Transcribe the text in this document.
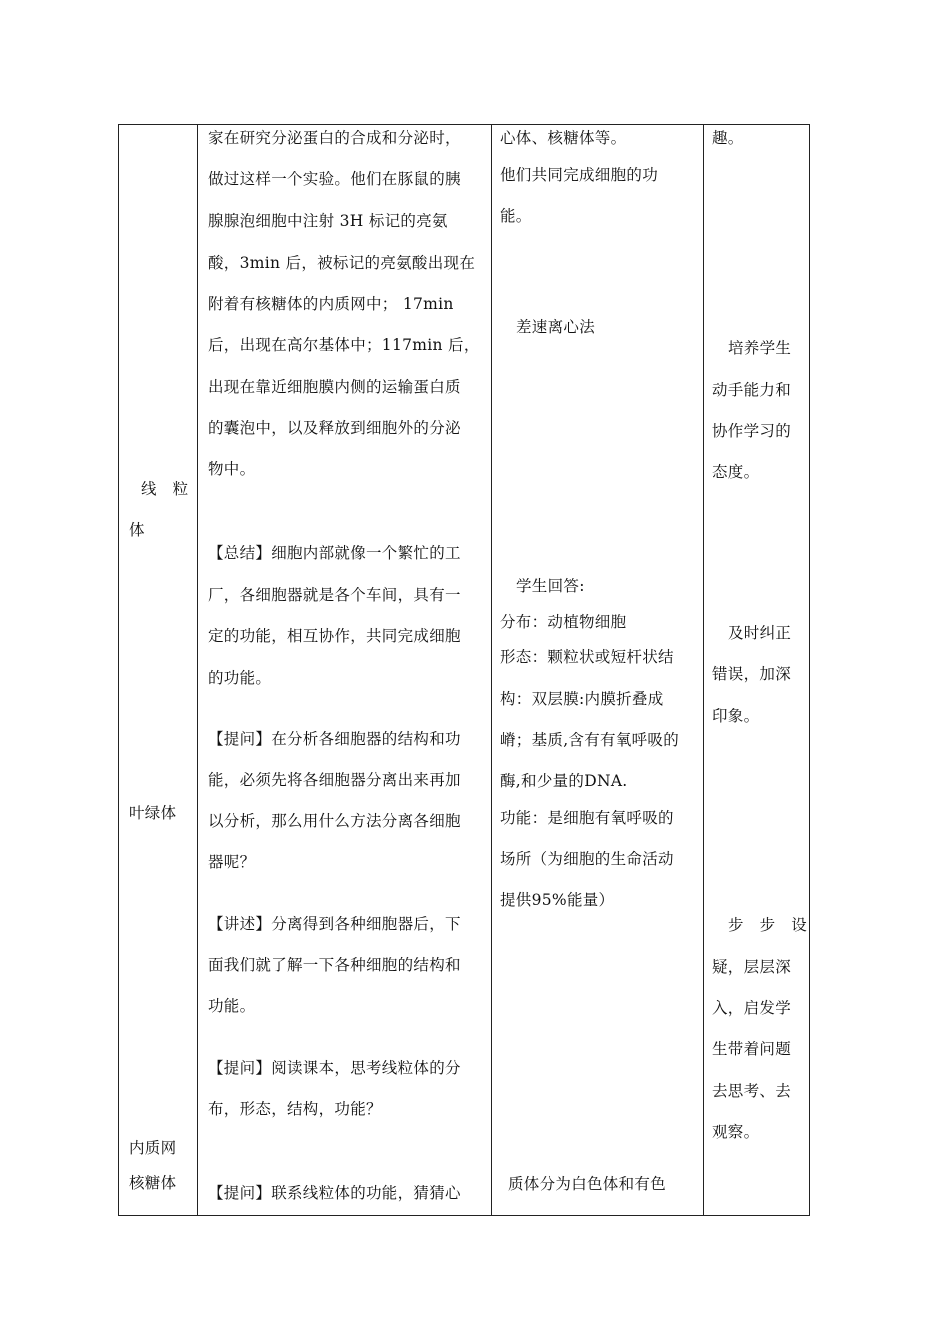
线　粒
体
叶绿体
内质网
核糖体
家在研究分泌蛋白的合成和分泌时，
做过这样一个实验。他们在豚鼠的胰
腺腺泡细胞中注射 3H 标记的亮氨
酸，3min 后，被标记的亮氨酸出现在
附着有核糖体的内质网中； 17min
后，出现在高尔基体中；117min 后，
出现在靠近细胞膜内侧的运输蛋白质
的囊泡中，以及释放到细胞外的分泌
物中。
【总结】细胞内部就像一个繁忙的工
厂，各细胞器就是各个车间，具有一
定的功能，相互协作，共同完成细胞
的功能。
【提问】在分析各细胞器的结构和功
能，必须先将各细胞器分离出来再加
以分析，那么用什么方法分离各细胞
器呢？
【讲述】分离得到各种细胞器后，下
面我们就了解一下各种细胞的结构和
功能。
【提问】阅读课本，思考线粒体的分
布，形态，结构，功能？
【提问】联系线粒体的功能，猜猜心
心体、核糖体等。
他们共同完成细胞的功
能。
差速离心法
学生回答:
分布：动植物细胞
形态：颗粒状或短杆状结
构：双层膜:内膜折叠成
嵴；基质,含有有氧呼吸的
酶,和少量的DNA.
功能：是细胞有氧呼吸的
场所（为细胞的生命活动
提供95%能量）
质体分为白色体和有色
趣。
培养学生
动手能力和
协作学习的
态度。
及时纠正
错误，加深
印象。
步　步　设
疑，层层深
入，启发学
生带着问题
去思考、去
观察。
